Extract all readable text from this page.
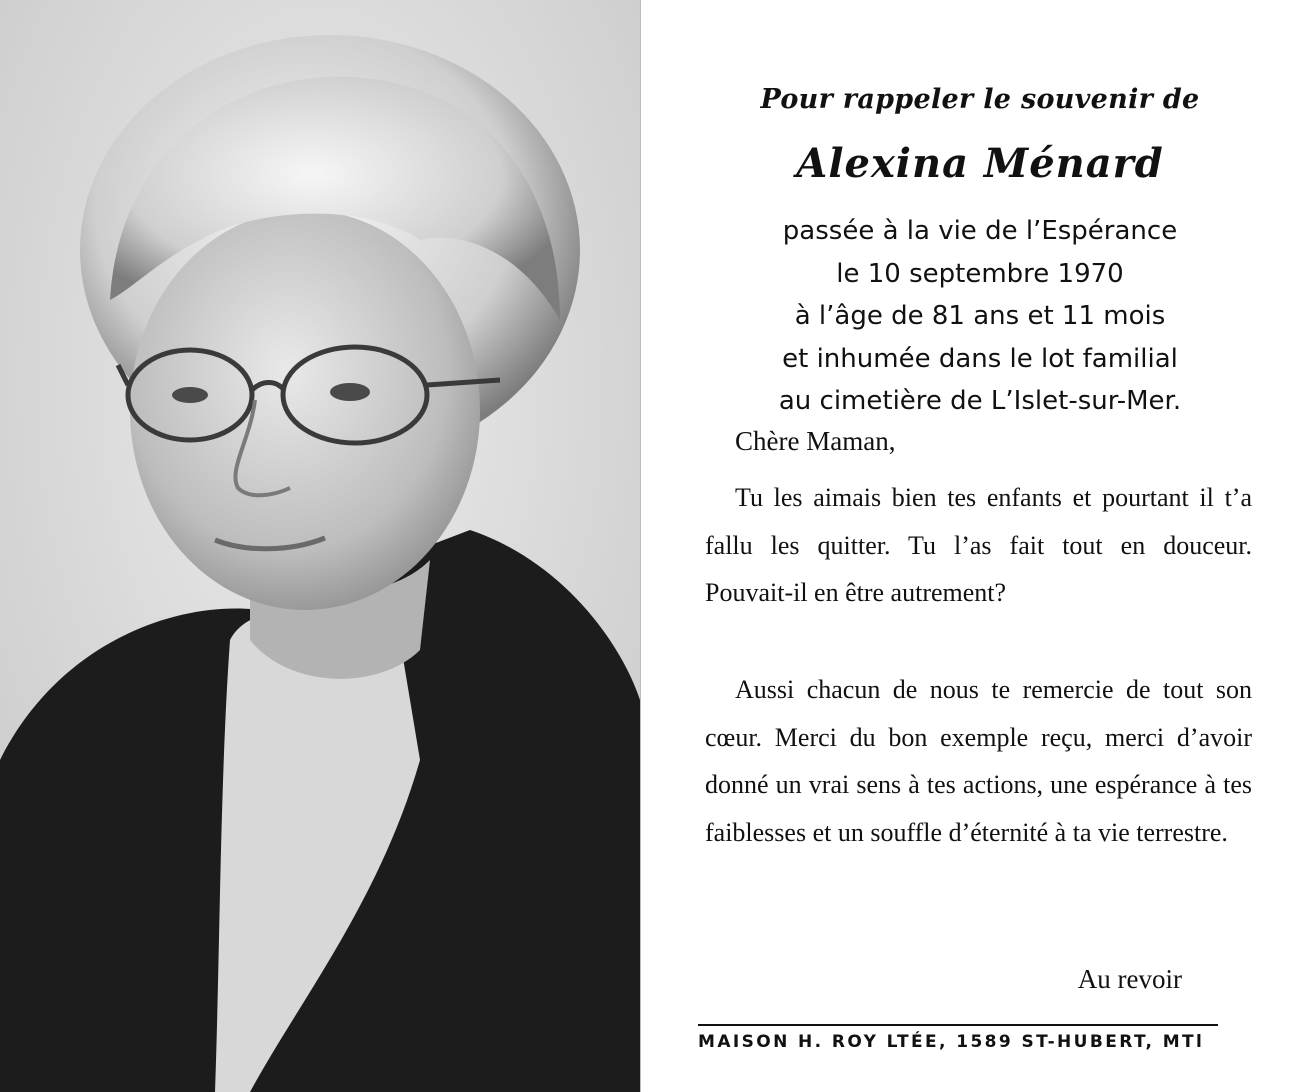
Pour rappeler le souvenir de
Alexina Ménard
passée à la vie de l’Espérance
le 10 septembre 1970
à l’âge de 81 ans et 11 mois
et inhumée dans le lot familial
au cimetière de L’Islet-sur-Mer.
Chère Maman,
Tu les aimais bien tes enfants et pourtant il t’a fallu les quitter. Tu l’as fait tout en douceur. Pouvait-il en être autrement?
Aussi chacun de nous te remercie de tout son cœur. Merci du bon exemple reçu, merci d’avoir donné un vrai sens à tes actions, une espérance à tes faiblesses et un souffle d’éternité à ta vie terrestre.
Au revoir
MAISON H. ROY LTÉE, 1589 ST-HUBERT, MTl
